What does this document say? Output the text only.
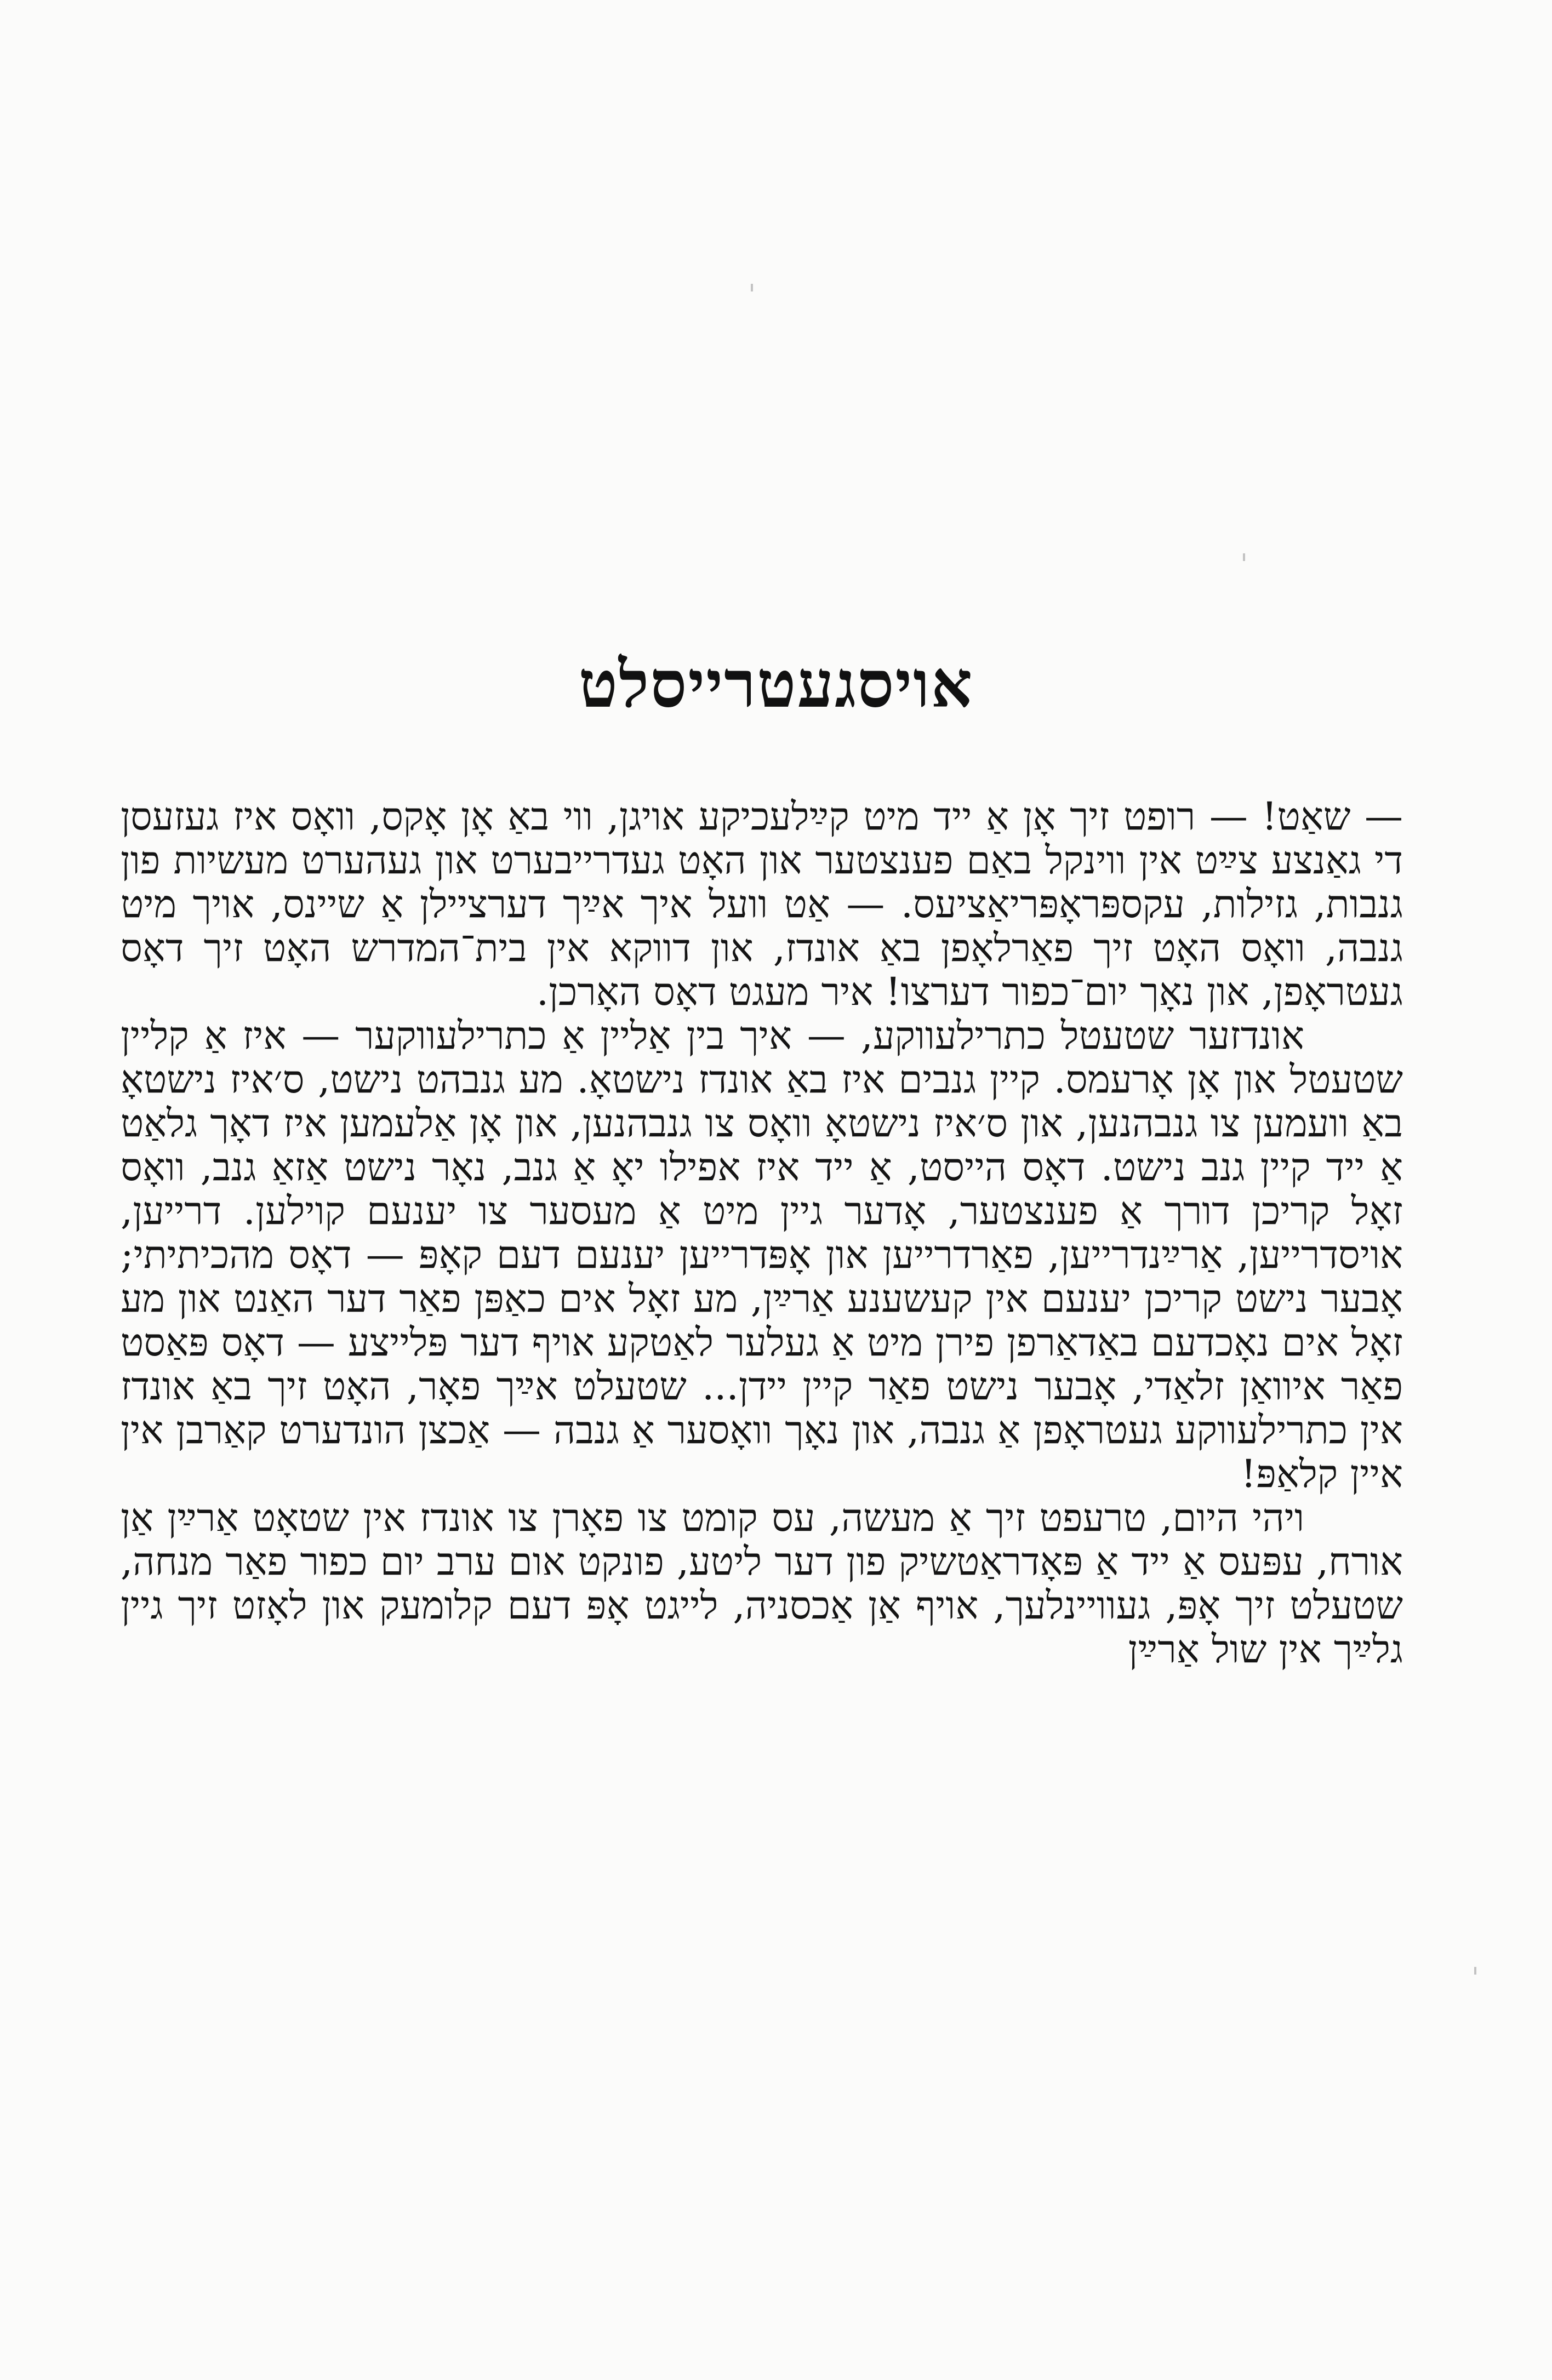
אויסגעטרייסלט

— שאַט! — רופט זיך אָן אַ ייד מיט קײַלעכיקע אויגן, ווי באַ אָן אָקס, וואָס איז געזעסן די גאַנצע צײַט אין ווינקל באַם פענצטער און האָט געדרייבערט און געהערט מעשיות פון גנבות, גזילות, עקספּראָפּריאַציעס. — אַט וועל איך אײַך דערציילן אַ שיינס, אויך מיט גנבה, וואָס האָט זיך פאַרלאָפן באַ אונדז, און דווקא אין בית־המדרש האָט זיך דאָס געטראָפן, און נאָך יום־כפור דערצו! איר מעגט דאָס האָרכן.

אונדזער שטעטל כתרילעווקע, — איך בין אַליין אַ כתרילעווקער — איז אַ קליין שטעטל און אָן אָרעמס. קיין גנבים איז באַ אונדז נישטאָ. מע גנבהט נישט, ס׳איז נישטאָ באַ וועמען צו גנבהנען, און ס׳איז נישטאָ וואָס צו גנבהנען, און אָן אַלעמען איז דאָך גלאַט אַ ייד קיין גנב נישט. דאָס הייסט, אַ ייד איז אפילו יאָ אַ גנב, נאָר נישט אַזאַ גנב, וואָס זאָל קריכן דורך אַ פענצטער, אָדער גיין מיט אַ מעסער צו יענעם קוילען. דרייען, אויסדרייען, אַרײַנדרייען, פאַרדרייען און אָפּדרייען יענעם דעם קאָפּ — דאָס מהכיתיתי; אָבער נישט קריכן יענעם אין קעשענע אַרײַן, מע זאָל אים כאַפּן פאַר דער האַנט און מע זאָל אים נאָכדעם באַדאַרפן פירן מיט אַ געלער לאַטקע אויף דער פּלייצע — דאָס פּאַסט פאַר איוואַן זלאַדי, אָבער נישט פאַר קיין יידן... שטעלט אײַך פאָר, האָט זיך באַ אונדז אין כתרילעווקע געטראָפן אַ גנבה, און נאָך וואָסער אַ גנבה — אַכצן הונדערט קאַרבן אין איין קלאַפּ!

ויהי היום, טרעפט זיך אַ מעשה, עס קומט צו פאָרן צו אונדז אין שטאָט אַרײַן אַן אורח, עפּעס אַ ייד אַ פּאָדראַטשיק פון דער ליטע, פונקט אום ערב יום כפור פאַר מנחה, שטעלט זיך אָפּ, געוויינלעך, אויף אַן אַכסניה, לייגט אָפּ דעם קלומעק און לאָזט זיך גיין גלײַך אין שול אַרײַן
